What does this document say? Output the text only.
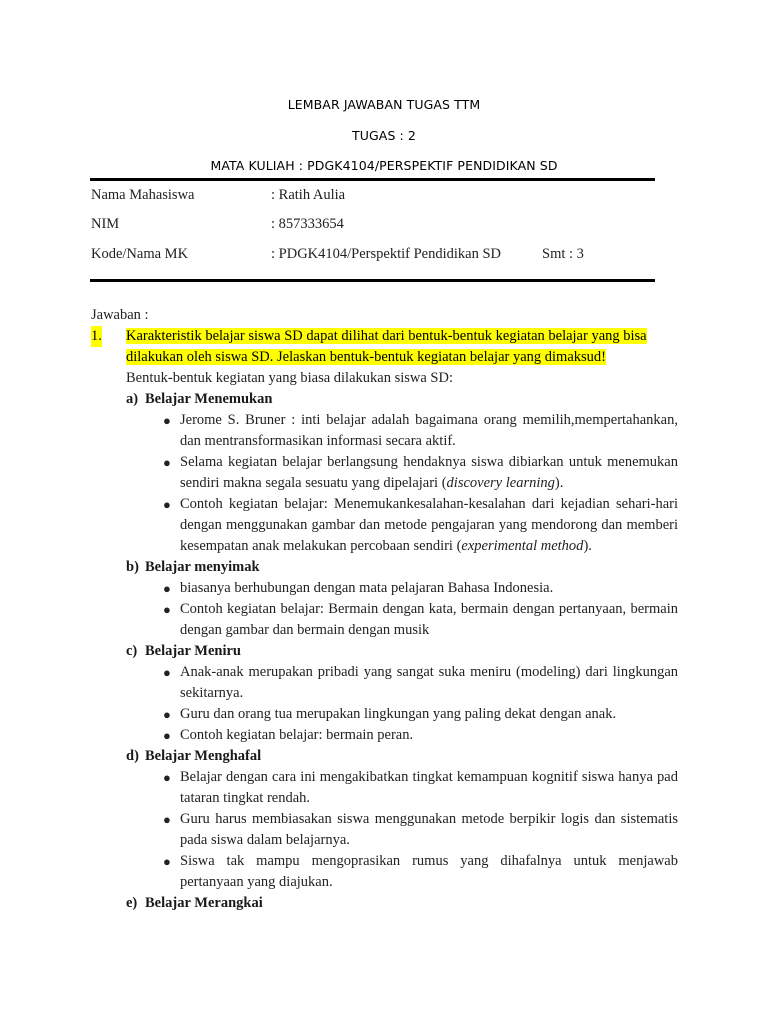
LEMBAR JAWABAN TUGAS TTM
TUGAS : 2
MATA KULIAH : PDGK4104/PERSPEKTIF PENDIDIKAN SD
Nama Mahasiswa	: Ratih Aulia
NIM	: 857333654
Kode/Nama MK	: PDGK4104/Perspektif Pendidikan SD	Smt : 3
Jawaban :
1. Karakteristik belajar siswa SD dapat dilihat dari bentuk-bentuk kegiatan belajar yang bisa
dilakukan oleh siswa SD. Jelaskan bentuk-bentuk kegiatan belajar yang dimaksud!
Bentuk-bentuk kegiatan yang biasa dilakukan siswa SD:
a) Belajar Menemukan
● Jerome S. Bruner : inti belajar adalah bagaimana orang memilih,mempertahankan, dan mentransformasikan informasi secara aktif.
● Selama kegiatan belajar berlangsung hendaknya siswa dibiarkan untuk menemukan sendiri makna segala sesuatu yang dipelajari (discovery learning).
● Contoh kegiatan belajar: Menemukankesalahan-kesalahan dari kejadian sehari-hari dengan menggunakan gambar dan metode pengajaran yang mendorong dan memberi kesempatan anak melakukan percobaan sendiri (experimental method).
b) Belajar menyimak
● biasanya berhubungan dengan mata pelajaran Bahasa Indonesia.
● Contoh kegiatan belajar: Bermain dengan kata, bermain dengan pertanyaan, bermain dengan gambar dan bermain dengan musik
c) Belajar Meniru
● Anak-anak merupakan pribadi yang sangat suka meniru (modeling) dari lingkungan sekitarnya.
● Guru dan orang tua merupakan lingkungan yang paling dekat dengan anak.
● Contoh kegiatan belajar: bermain peran.
d) Belajar Menghafal
● Belajar dengan cara ini mengakibatkan tingkat kemampuan kognitif siswa hanya pad tataran tingkat rendah.
● Guru harus membiasakan siswa menggunakan metode berpikir logis dan sistematis pada siswa dalam belajarnya.
● Siswa tak mampu mengoprasikan rumus yang dihafalnya untuk menjawab pertanyaan yang diajukan.
e) Belajar Merangkai
